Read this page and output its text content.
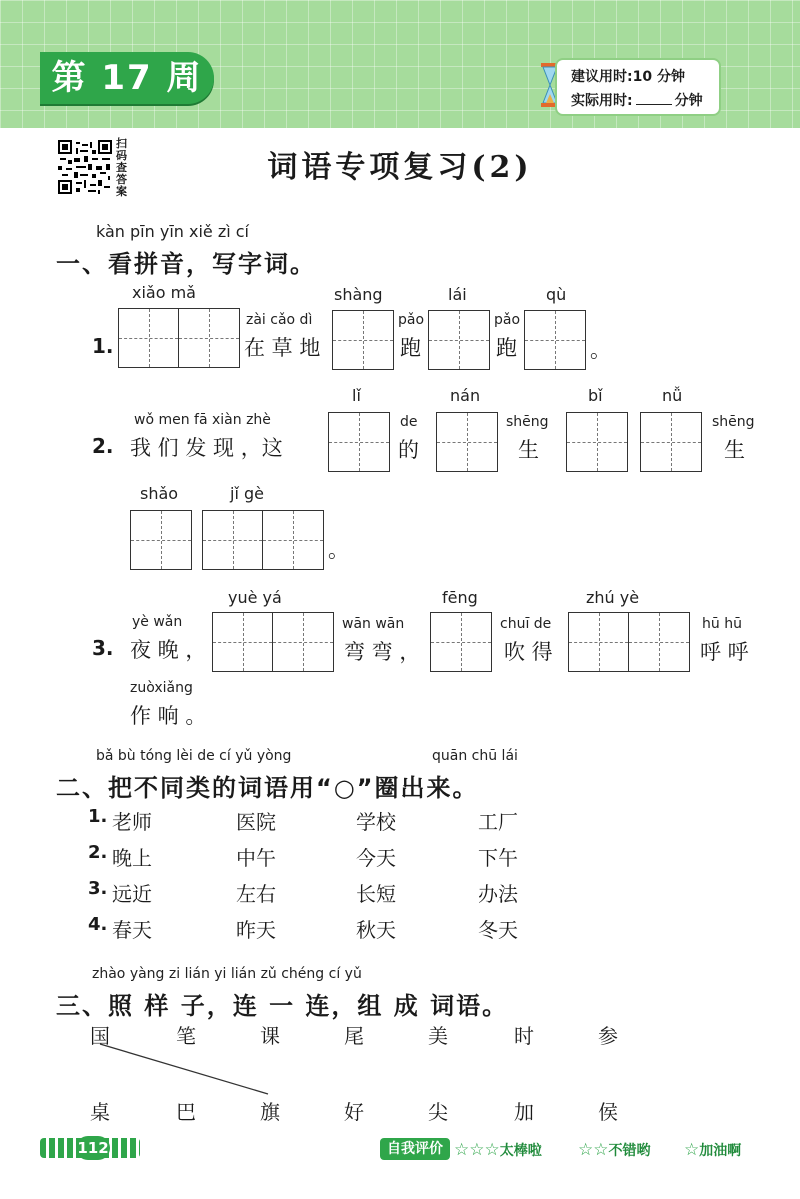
第 17 周	建议用时:10 分钟
实际用时:	分钟
扫码查答案
词语专项复习(2)
kàn pīn yīn xiě zì cí
一、看拼音，写字词。
1.
xiǎo mǎ
zài cǎo dì
在 草 地
shàng
pǎo
跑
lái
pǎo
跑
qù
。
2.
wǒ men fā xiàn zhè
我 们 发 现 ，这
lǐ
de
的
nán
shēng
生
bǐ	nǚ
shēng
生
shǎo	jǐ gè
。
3.
yè wǎn
夜 晚 ，
yuè yá
wān wān
弯 弯 ，
fēng
chuī de
吹 得
zhú yè
hū hū
呼 呼
zuòxiǎng
作 响 。
bǎ bù tóng lèi de cí yǔ yòng	quān chū lái
二、把不同类的词语用“○”圈出来。
1. 老师	医院	学校	工厂
2. 晚上	中午	今天	下午
3. 远近	左右	长短	办法
4. 春天	昨天	秋天	冬天
zhào yàng zi lián yi lián zǔ chéng cí yǔ
三、照 样 子，连 一 连，组 成 词语。
国	笔	课	尾	美	时	参
桌	巴	旗	好	尖	加	侯
112	自我评价 ☆☆☆太棒啦 ☆☆不错哟 ☆加油啊
